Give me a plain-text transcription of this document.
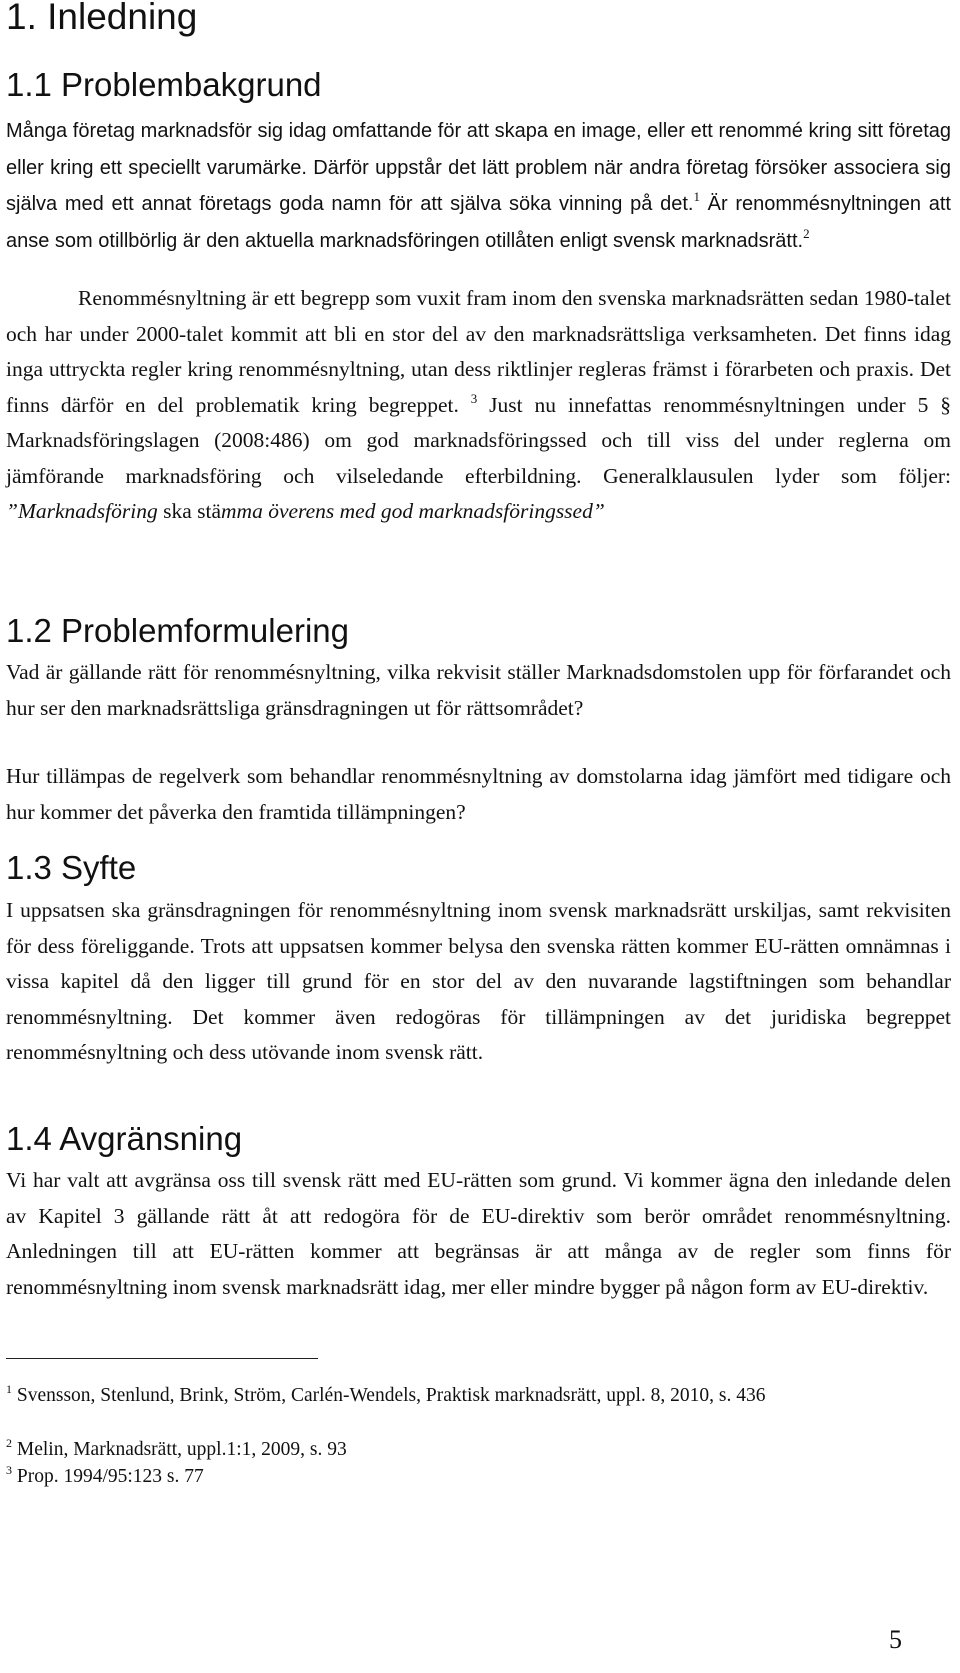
1. Inledning
1.1 Problembakgrund

Många företag marknadsför sig idag omfattande för att skapa en image, eller ett renommé kring sitt företag eller kring ett speciellt varumärke. Därför uppstår det lätt problem när andra företag försöker associera sig själva med ett annat företags goda namn för att själva söka vinning på det.$^1$ Är renommésnyltningen att anse som otillbörlig är den aktuella marknadsföringen otillåten enligt svensk marknadsrätt.$^2$

Renommésnyltning är ett begrepp som vuxit fram inom den svenska marknadsrätten sedan 1980-talet och har under 2000-talet kommit att bli en stor del av den marknadsrättsliga verksamheten. Det finns idag inga uttryckta regler kring renommésnyltning, utan dess riktlinjer regleras främst i förarbeten och praxis. Det finns därför en del problematik kring begreppet. $^3$ Just nu innefattas renommésnyltningen under 5 § Marknadsföringslagen (2008:486) om god marknadsföringssed och till viss del under reglerna om jämförande marknadsföring och vilseledande efterbildning. Generalklausulen lyder som följer: ”Marknadsföring ska stämma överens med god marknadsföringssed”

1.2 Problemformulering

Vad är gällande rätt för renommésnyltning, vilka rekvisit ställer Marknadsdomstolen upp för förfarandet och hur ser den marknadsrättsliga gränsdragningen ut för rättsområdet?

Hur tillämpas de regelverk som behandlar renommésnyltning av domstolarna idag jämfört med tidigare och hur kommer det påverka den framtida tillämpningen?

1.3 Syfte

I uppsatsen ska gränsdragningen för renommésnyltning inom svensk marknadsrätt urskiljas, samt rekvisiten för dess föreliggande. Trots att uppsatsen kommer belysa den svenska rätten kommer EU-rätten omnämnas i vissa kapitel då den ligger till grund för en stor del av den nuvarande lagstiftningen som behandlar renommésnyltning. Det kommer även redogöras för tillämpningen av det juridiska begreppet renommésnyltning och dess utövande inom svensk rätt.

1.4 Avgränsning

Vi har valt att avgränsa oss till svensk rätt med EU-rätten som grund. Vi kommer ägna den inledande delen av Kapitel 3 gällande rätt åt att redogöra för de EU-direktiv som berör området renommésnyltning. Anledningen till att EU-rätten kommer att begränsas är att många av de regler som finns för renommésnyltning inom svensk marknadsrätt idag, mer eller mindre bygger på någon form av EU-direktiv.

$^1$ Svensson, Stenlund, Brink, Ström, Carlén-Wendels, Praktisk marknadsrätt, uppl. 8, 2010, s. 436

$^2$ Melin, Marknadsrätt, uppl.1:1, 2009, s. 93

$^3$ Prop. 1994/95:123 s. 77

5
